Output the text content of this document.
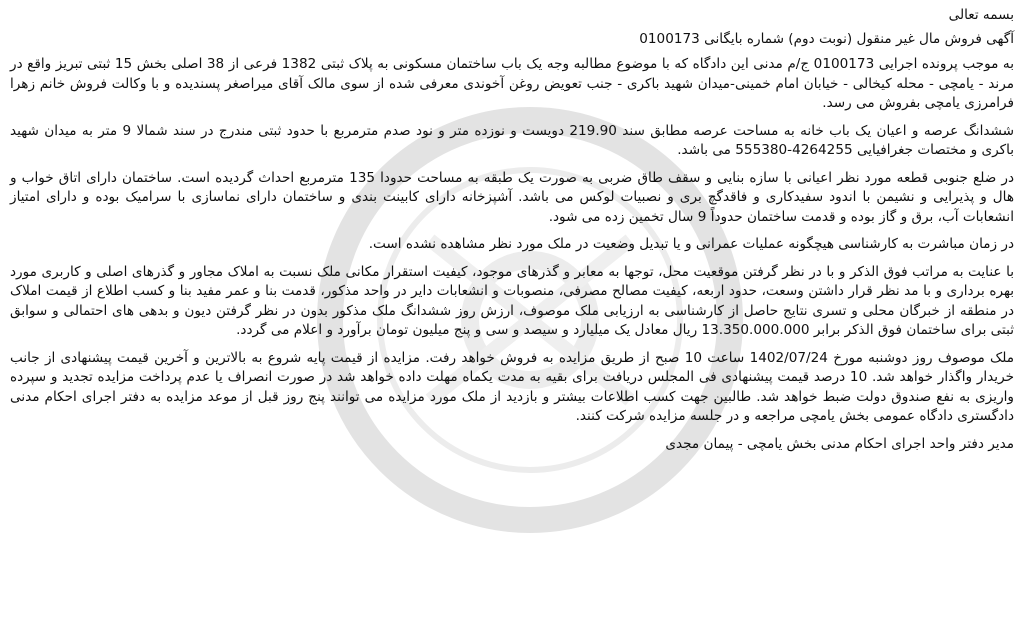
بسمه تعالی

آگهی فروش مال غیر منقول (نوبت دوم) شماره بایگانی 0100173

به موجب پرونده اجرایی 0100173 ج/م مدنی این دادگاه که با موضوع مطالبه وجه یک باب ساختمان مسکونی به پلاک ثبتی 1382 فرعی از 38 اصلی بخش 15 ثبتی تبریز واقع در مرند - یامچی - محله کیخالی - خیابان امام خمینی-میدان شهید باکری - جنب تعویض روغن آخوندی معرفی شده از سوی مالک آقای میراصغر پسندیده و با وکالت فروش خانم زهرا فرامرزی یامچی بفروش می رسد.

ششدانگ عرصه و اعیان یک باب خانه به مساحت عرصه مطابق سند 219.90 دویست و نوزده متر و نود صدم مترمربع با حدود ثبتی مندرج در سند شمالا 9 متر به میدان شهید باکری و مختصات جغرافیایی 4264255-555380 می باشد.

در ضلع جنوبی قطعه مورد نظر اعیانی با سازه بنایی و سقف طاق ضربی به صورت یک طبقه به مساحت حدودا 135 مترمربع احداث گردیده است. ساختمان دارای اتاق خواب و هال و پذیرایی و نشیمن با اندود سفیدکاری و فاقدگچ بری و نصبیات لوکس می باشد. آشپزخانه دارای کابینت بندی و ساختمان دارای نماسازی با سرامیک بوده و دارای امتیاز انشعابات آب، برق و گاز بوده و قدمت ساختمان حدوداً 9 سال تخمین زده می شود.

در زمان مباشرت به کارشناسی هیچگونه عملیات عمرانی و یا تبدیل وضعیت در ملک مورد نظر مشاهده نشده است.

با عنایت به مراتب فوق الذکر و با در نظر گرفتن موقعیت محل، توجها به معابر و گذرهای موجود، کیفیت استقرار مکانی ملک نسبت به املاک مجاور و گذرهای اصلی و کاربری مورد بهره برداری و با مد نظر قرار داشتن وسعت، حدود اربعه، کیفیت مصالح مصرفی، منصوبات و انشعابات دایر در واحد مذکور، قدمت بنا و عمر مفید بنا و کسب اطلاع از قیمت املاک در منطقه از خبرگان محلی و تسری نتایج حاصل از کارشناسی به ارزیابی ملک موصوف، ارزش روز ششدانگ ملک مذکور بدون در نظر گرفتن دیون و بدهی های احتمالی و سوابق ثبتی برای ساختمان فوق الذکر برابر 13.350.000.000 ریال معادل یک میلیارد و سیصد و سی و پنج میلیون تومان برآورد و اعلام می گردد.

ملک موصوف روز دوشنبه مورخ 1402/07/24 ساعت 10 صبح از طریق مزایده به فروش خواهد رفت. مزایده از قیمت پایه شروع به بالاترین و آخرین قیمت پیشنهادی از جانب خریدار واگذار خواهد شد. 10 درصد قیمت پیشنهادی فی المجلس دریافت برای بقیه به مدت یکماه مهلت داده خواهد شد در صورت انصراف یا عدم پرداخت مزایده تجدید و سپرده واریزی به نفع صندوق دولت ضبط خواهد شد. طالبین جهت کسب اطلاعات بیشتر و بازدید از ملک مورد مزایده می توانند پنج روز قبل از موعد مزایده به دفتر اجرای احکام مدنی دادگستری دادگاه عمومی بخش یامچی مراجعه و در جلسه مزایده شرکت کنند.

مدیر دفتر واحد اجرای احکام مدنی بخش یامچی - پیمان مجدی
